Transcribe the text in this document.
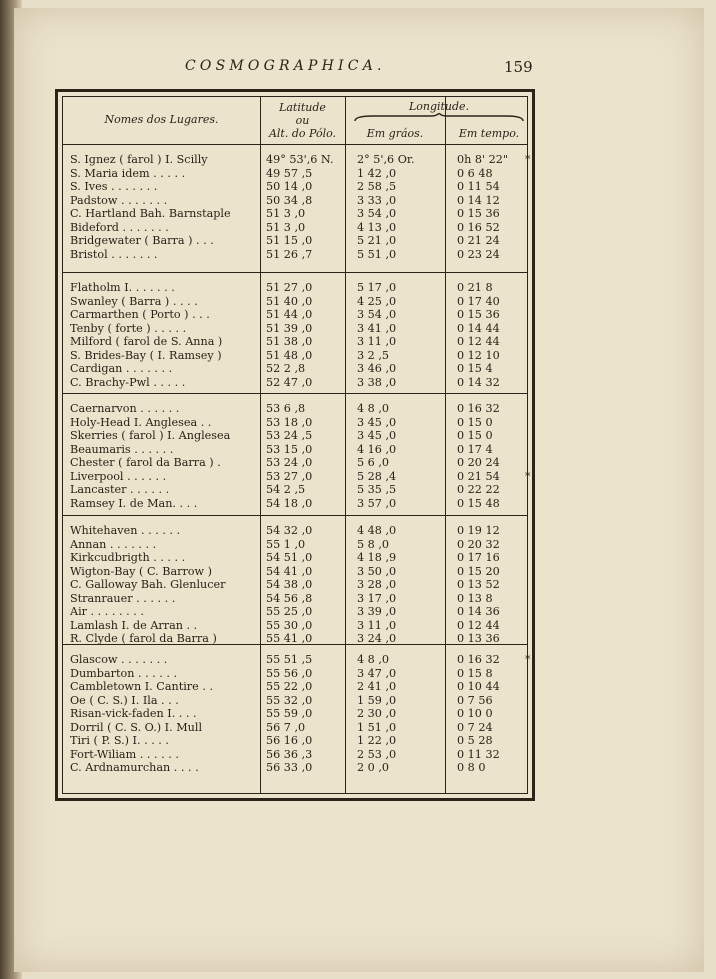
COSMOGRAPHICA.	159
Nomes dos Lugares.
Latitude
ou
Alt. do Pólo.
Longitude.
Em gráos.	Em tempo.
S. Ignez ( farol ) I. Scilly	49° 53',6 N.	2° 5',6 Or.	0h 8' 22"	*
S. Maria idem . . . . .	49 57 ,5	1 42 ,0	0 6 48
S. Ives . . . . . . .	50 14 ,0	2 58 ,5	0 11 54
Padstow . . . . . . .	50 34 ,8	3 33 ,0	0 14 12
C. Hartland Bah. Barnstaple	51 3 ,0	3 54 ,0	0 15 36
Bideford . . . . . . .	51 3 ,0	4 13 ,0	0 16 52
Bridgewater ( Barra ) . . .	51 15 ,0	5 21 ,0	0 21 24
Bristol . . . . . . .	51 26 ,7	5 51 ,0	0 23 24
Flatholm I. . . . . . .	51 27 ,0	5 17 ,0	0 21 8
Swanley ( Barra ) . . . .	51 40 ,0	4 25 ,0	0 17 40
Carmarthen ( Porto ) . . .	51 44 ,0	3 54 ,0	0 15 36
Tenby ( forte ) . . . . .	51 39 ,0	3 41 ,0	0 14 44
Milford ( farol de S. Anna )	51 38 ,0	3 11 ,0	0 12 44
S. Brides-Bay ( I. Ramsey )	51 48 ,0	3 2 ,5	0 12 10
Cardigan . . . . . . .	52 2 ,8	3 46 ,0	0 15 4
C. Brachy-Pwl . . . . .	52 47 ,0	3 38 ,0	0 14 32
Caernarvon . . . . . .	53 6 ,8	4 8 ,0	0 16 32
Holy-Head I. Anglesea . .	53 18 ,0	3 45 ,0	0 15 0
Skerries ( farol ) I. Anglesea	53 24 ,5	3 45 ,0	0 15 0
Beaumaris . . . . . .	53 15 ,0	4 16 ,0	0 17 4
Chester ( farol da Barra ) .	53 24 ,0	5 6 ,0	0 20 24
Liverpool . . . . . .	53 27 ,0	5 28 ,4	0 21 54	*
Lancaster . . . . . .	54 2 ,5	5 35 ,5	0 22 22
Ramsey I. de Man. . . .	54 18 ,0	3 57 ,0	0 15 48
Whitehaven . . . . . .	54 32 ,0	4 48 ,0	0 19 12
Annan . . . . . . .	55 1 ,0	5 8 ,0	0 20 32
Kirkcudbrigth . . . . .	54 51 ,0	4 18 ,9	0 17 16
Wigton-Bay ( C. Barrow )	54 41 ,0	3 50 ,0	0 15 20
C. Galloway Bah. Glenlucer	54 38 ,0	3 28 ,0	0 13 52
Stranrauer . . . . . .	54 56 ,8	3 17 ,0	0 13 8
Air . . . . . . . .	55 25 ,0	3 39 ,0	0 14 36
Lamlash I. de Arran . .	55 30 ,0	3 11 ,0	0 12 44
R. Clyde ( farol da Barra )	55 41 ,0	3 24 ,0	0 13 36
Glascow . . . . . . .	55 51 ,5	4 8 ,0	0 16 32	*
Dumbarton . . . . . .	55 56 ,0	3 47 ,0	0 15 8
Cambletown I. Cantire . .	55 22 ,0	2 41 ,0	0 10 44
Oe ( C. S.) I. Ila . . .	55 32 ,0	1 59 ,0	0 7 56
Risan-vick-faden I. . . .	55 59 ,0	2 30 ,0	0 10 0
Dorril ( C. S. O.) I. Mull	56 7 ,0	1 51 ,0	0 7 24
Tiri ( P. S.) I. . . . .	56 16 ,0	1 22 ,0	0 5 28
Fort-Wiliam . . . . . .	56 36 ,3	2 53 ,0	0 11 32
C. Ardnamurchan . . . .	56 33 ,0	2 0 ,0	0 8 0
